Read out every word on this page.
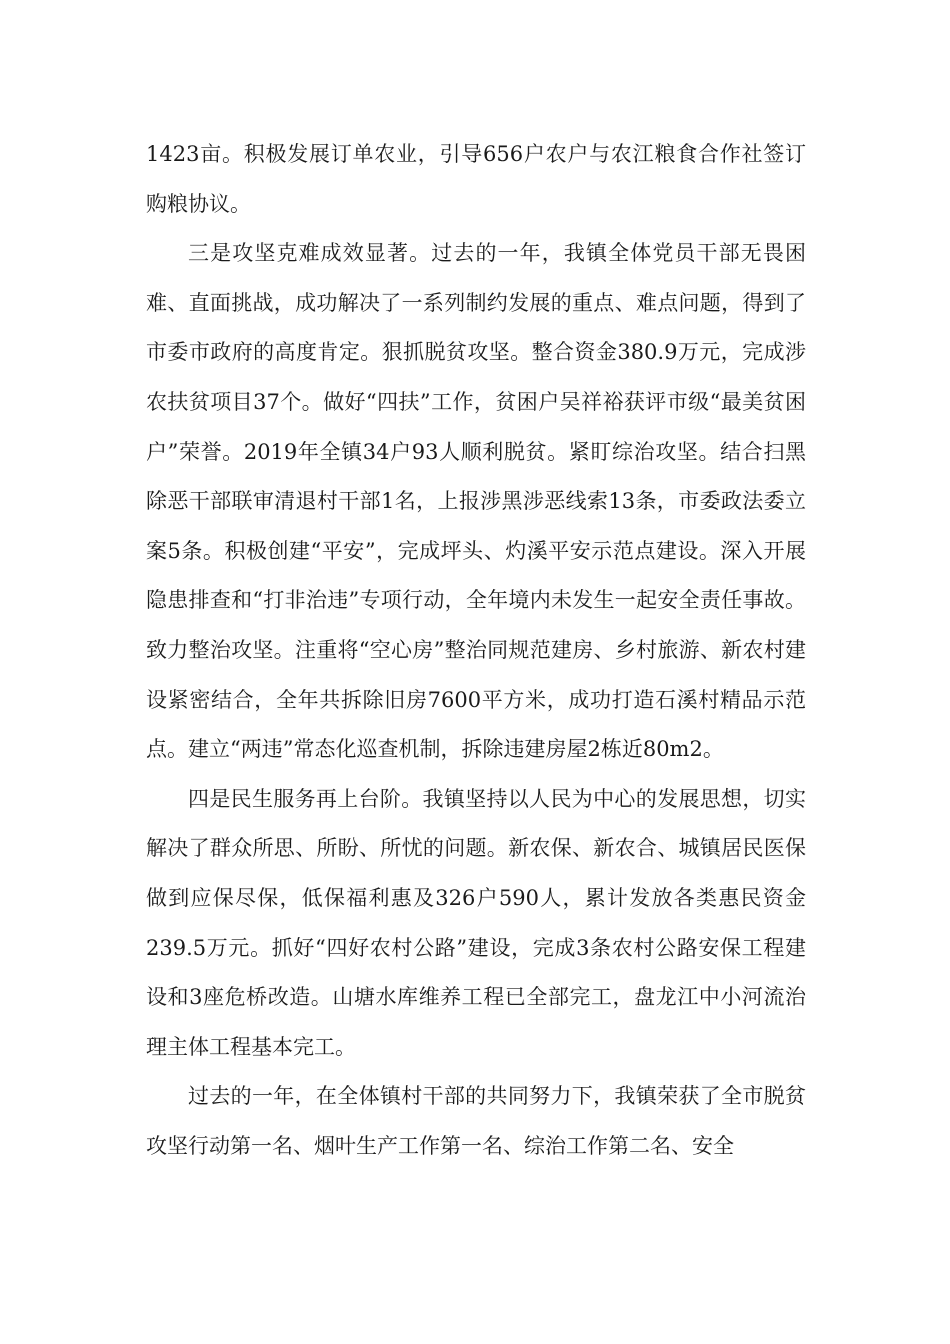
1423亩。积极发展订单农业，引导656户农户与农江粮食合作社签订购粮协议。

三是攻坚克难成效显著。过去的一年，我镇全体党员干部无畏困难、直面挑战，成功解决了一系列制约发展的重点、难点问题，得到了市委市政府的高度肯定。狠抓脱贫攻坚。整合资金380.9万元，完成涉农扶贫项目37个。做好“四扶”工作，贫困户吴祥裕获评市级“最美贫困户”荣誉。2019年全镇34户93人顺利脱贫。紧盯综治攻坚。结合扫黑除恶干部联审清退村干部1名，上报涉黑涉恶线索13条，市委政法委立案5条。积极创建“平安”，完成坪头、灼溪平安示范点建设。深入开展隐患排查和“打非治违”专项行动，全年境内未发生一起安全责任事故。致力整治攻坚。注重将“空心房”整治同规范建房、乡村旅游、新农村建设紧密结合，全年共拆除旧房7600平方米，成功打造石溪村精品示范点。建立“两违”常态化巡查机制，拆除违建房屋2栋近80m2。

四是民生服务再上台阶。我镇坚持以人民为中心的发展思想，切实解决了群众所思、所盼、所忧的问题。新农保、新农合、城镇居民医保做到应保尽保，低保福利惠及326户590人，累计发放各类惠民资金239.5万元。抓好“四好农村公路”建设，完成3条农村公路安保工程建设和3座危桥改造。山塘水库维养工程已全部完工，盘龙江中小河流治理主体工程基本完工。

过去的一年，在全体镇村干部的共同努力下，我镇荣获了全市脱贫攻坚行动第一名、烟叶生产工作第一名、综治工作第二名、安全
